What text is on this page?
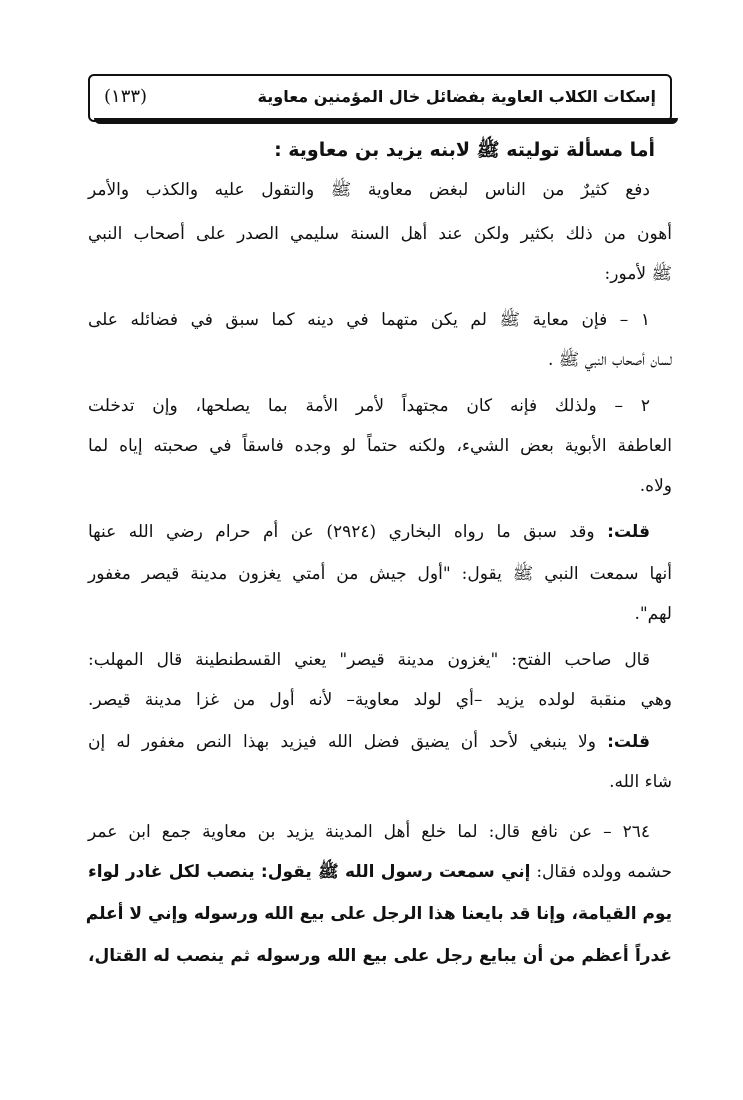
إسكات الكلاب العاوية بفضائل خال المؤمنين معاوية
(١٣٣)
أما مسألة توليته ﷺ لابنه يزيد بن معاوية :
دفع كثيرٌ من الناس لبغض معاوية ﷺ والتقول عليه والكذب والأمر
أهون من ذلك بكثير ولكن عند أهل السنة سليمي الصدر على أصحاب النبي
ﷺ لأمور:
١ – فإن معاية ﷺ لم يكن متهما في دينه كما سبق في فضائله على
لسان أصحاب النبي ﷺ .
٢ – ولذلك فإنه كان مجتهداً لأمر الأمة بما يصلحها، وإن تدخلت
العاطفة الأبوية بعض الشيء، ولكنه حتماً لو وجده فاسقاً في صحبته إياه لما
ولاه.
قلت: وقد سبق ما رواه البخاري (٢٩٢٤) عن أم حرام رضي الله عنها
أنها سمعت النبي ﷺ يقول: "أول جيش من أمتي يغزون مدينة قيصر مغفور
لهم".
قال صاحب الفتح: "يغزون مدينة قيصر" يعني القسطنطينة قال المهلب:
وهي منقبة لولده يزيد –أي لولد معاوية– لأنه أول من غزا مدينة قيصر.
قلت: ولا ينبغي لأحد أن يضيق فضل الله فيزيد بهذا النص مغفور له إن
شاء الله.
٢٦٤ – عن نافع قال: لما خلع أهل المدينة يزيد بن معاوية جمع ابن عمر
حشمه وولده فقال: إني سمعت رسول الله ﷺ يقول: ينصب لكل غادر لواء
يوم القيامة، وإنا قد بايعنا هذا الرجل على بيع الله ورسوله وإني لا أعلم
غدراً أعظم من أن يبايع رجل على بيع الله ورسوله ثم ينصب له القتال،
